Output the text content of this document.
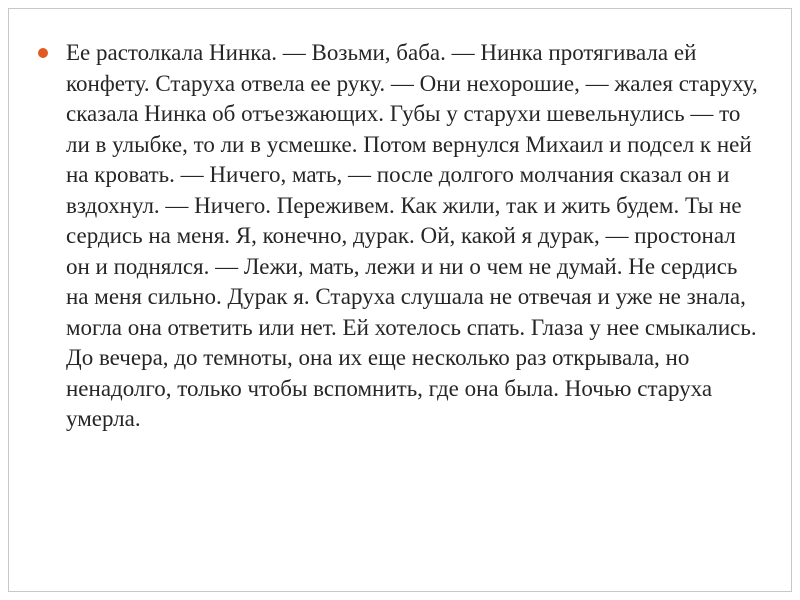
Ее растолкала Нинка. — Возьми, баба. — Нинка протягивала ей конфету. Старуха отвела ее руку. — Они нехорошие, — жалея старуху, сказала Нинка об отъезжающих. Губы у старухи шевельнулись — то ли в улыбке, то ли в усмешке. Потом вернулся Михаил и подсел к ней на кровать. — Ничего, мать, — после долгого молчания сказал он и вздохнул. — Ничего. Переживем. Как жили, так и жить будем. Ты не сердись на меня. Я, конечно, дурак. Ой, какой я дурак, — простонал он и поднялся. — Лежи, мать, лежи и ни о чем не думай. Не сердись на меня сильно. Дурак я. Старуха слушала не отвечая и уже не знала, могла она ответить или нет. Ей хотелось спать. Глаза у нее смыкались. До вечера, до темноты, она их еще несколько раз открывала, но ненадолго, только чтобы вспомнить, где она была. Ночью старуха умерла.
